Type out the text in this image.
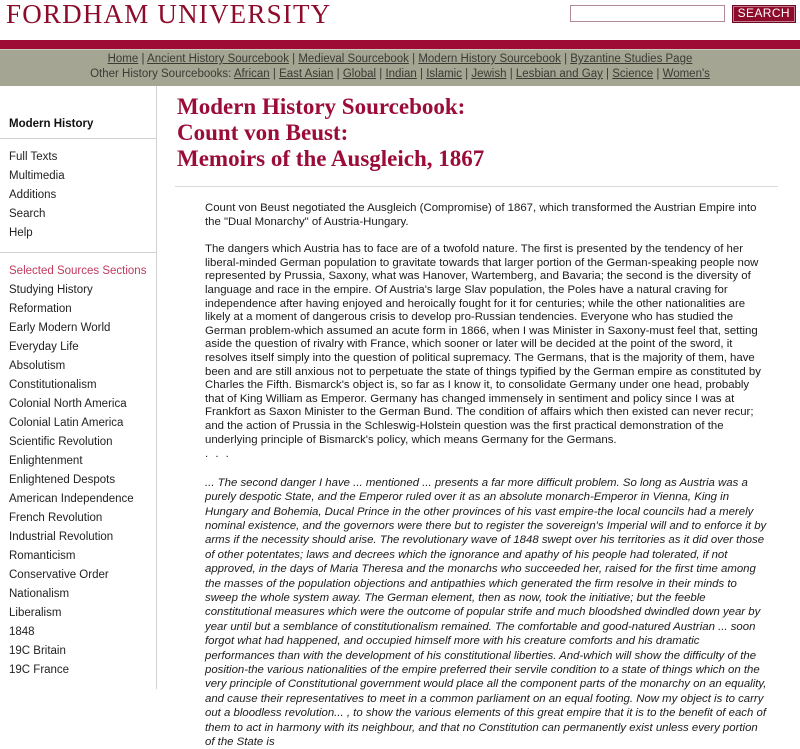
FORDHAM UNIVERSITY	SEARCH
Home | Ancient History Sourcebook | Medieval Sourcebook | Modern History Sourcebook | Byzantine Studies Page
Other History Sourcebooks: African | East Asian | Global | Indian | Islamic | Jewish | Lesbian and Gay | Science | Women's
Modern History
Full Texts
Multimedia
Additions
Search
Help
Selected Sources Sections
Studying History
Reformation
Early Modern World
Everyday Life
Absolutism
Constitutionalism
Colonial North America
Colonial Latin America
Scientific Revolution
Enlightenment
Enlightened Despots
American Independence
French Revolution
Industrial Revolution
Romanticism
Conservative Order
Nationalism
Liberalism
1848
19C Britain
19C France
Modern History Sourcebook:
Count von Beust:
Memoirs of the Ausgleich, 1867

Count von Beust negotiated the Ausgleich (Compromise) of 1867, which transformed the Austrian Empire into the "Dual Monarchy" of Austria-Hungary.

The dangers which Austria has to face are of a twofold nature. The first is presented by the tendency of her liberal-minded German population to gravitate towards that larger portion of the German-speaking people now represented by Prussia, Saxony, what was Hanover, Wartemberg, and Bavaria; the second is the diversity of language and race in the empire. Of Austria's large Slav population, the Poles have a natural craving for independence after having enjoyed and heroically fought for it for centuries; while the other nationalities are likely at a moment of dangerous crisis to develop pro-Russian tendencies. Everyone who has studied the German problem-which assumed an acute form in 1866, when I was Minister in Saxony-must feel that, setting aside the question of rivalry with France, which sooner or later will be decided at the point of the sword, it resolves itself simply into the question of political supremacy. The Germans, that is the majority of them, have been and are still anxious not to perpetuate the state of things typified by the German empire as constituted by Charles the Fifth. Bismarck's object is, so far as I know it, to consolidate Germany under one head, probably that of King William as Emperor. Germany has changed immensely in sentiment and policy since I was at Frankfort as Saxon Minister to the German Bund. The condition of affairs which then existed can never recur; and the action of Prussia in the Schleswig-Holstein question was the first practical demonstration of the underlying principle of Bismarck's policy, which means Germany for the Germans.

. . .

... The second danger I have ... mentioned ... presents a far more difficult problem. So long as Austria was a purely despotic State, and the Emperor ruled over it as an absolute monarch-Emperor in Vienna, King in Hungary and Bohemia, Ducal Prince in the other provinces of his vast empire-the local councils had a merely nominal existence, and the governors were there but to register the sovereign's Imperial will and to enforce it by arms if the necessity should arise. The revolutionary wave of 1848 swept over his territories as it did over those of other potentates; laws and decrees which the ignorance and apathy of his people had tolerated, if not approved, in the days of Maria Theresa and the monarchs who succeeded her, raised for the first time among the masses of the population objections and antipathies which generated the firm resolve in their minds to sweep the whole system away. The German element, then as now, took the initiative; but the feeble constitutional measures which were the outcome of popular strife and much bloodshed dwindled down year by year until but a semblance of constitutionalism remained. The comfortable and good-natured Austrian ... soon forgot what had happened, and occupied himself more with his creature comforts and his dramatic performances than with the development of his constitutional liberties. And-which will show the difficulty of the position-the various nationalities of the empire preferred their servile condition to a state of things which on the very principle of Constitutional government would place all the component parts of the monarchy on an equality, and cause their representatives to meet in a common parliament on an equal footing. Now my object is to carry out a bloodless revolution... , to show the various elements of this great empire that it is to the benefit of each of them to act in harmony with its neighbour, and that no Constitution can permanently exist unless every portion of the State is
